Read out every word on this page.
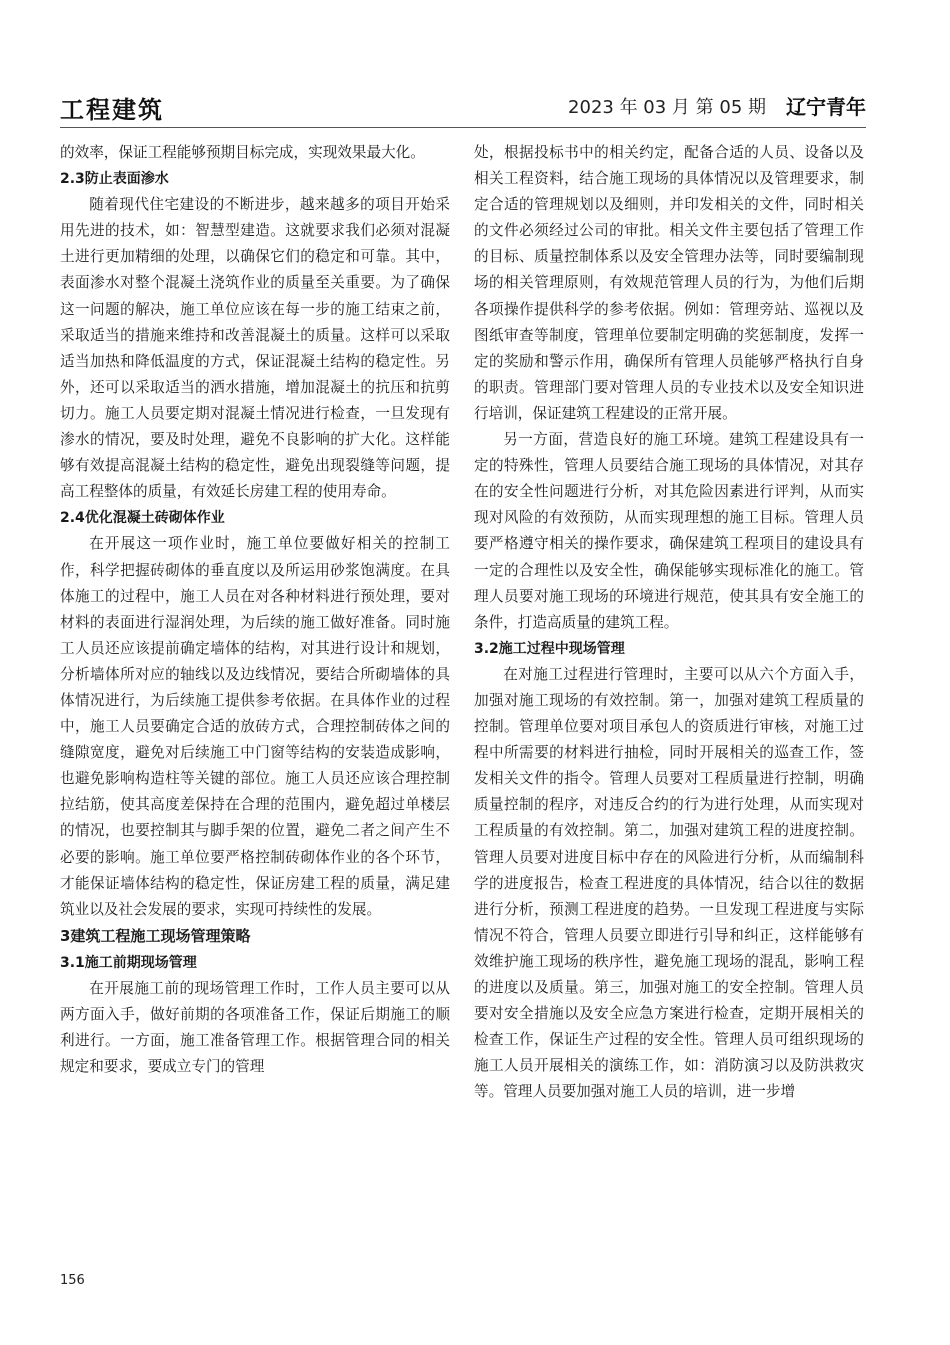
工程建筑	2023 年 03 月 第 05 期 辽宁青年

的效率，保证工程能够预期目标完成，实现效果最大化。

2.3防止表面渗水

随着现代住宅建设的不断进步，越来越多的项目开始采用先进的技术，如：智慧型建造。这就要求我们必须对混凝土进行更加精细的处理，以确保它们的稳定和可靠。其中，表面渗水对整个混凝土浇筑作业的质量至关重要。为了确保这一问题的解决，施工单位应该在每一步的施工结束之前，采取适当的措施来维持和改善混凝土的质量。这样可以采取适当加热和降低温度的方式，保证混凝土结构的稳定性。另外，还可以采取适当的洒水措施，增加混凝土的抗压和抗剪切力。施工人员要定期对混凝土情况进行检查，一旦发现有渗水的情况，要及时处理，避免不良影响的扩大化。这样能够有效提高混凝土结构的稳定性，避免出现裂缝等问题，提高工程整体的质量，有效延长房建工程的使用寿命。

2.4优化混凝土砖砌体作业

在开展这一项作业时，施工单位要做好相关的控制工作，科学把握砖砌体的垂直度以及所运用砂浆饱满度。在具体施工的过程中，施工人员在对各种材料进行预处理，要对材料的表面进行湿润处理，为后续的施工做好准备。同时施工人员还应该提前确定墙体的结构，对其进行设计和规划，分析墙体所对应的轴线以及边线情况，要结合所砌墙体的具体情况进行，为后续施工提供参考依据。在具体作业的过程中，施工人员要确定合适的放砖方式，合理控制砖体之间的缝隙宽度，避免对后续施工中门窗等结构的安装造成影响，也避免影响构造柱等关键的部位。施工人员还应该合理控制拉结筋，使其高度差保持在合理的范围内，避免超过单楼层的情况，也要控制其与脚手架的位置，避免二者之间产生不必要的影响。施工单位要严格控制砖砌体作业的各个环节，才能保证墙体结构的稳定性，保证房建工程的质量，满足建筑业以及社会发展的要求，实现可持续性的发展。

3建筑工程施工现场管理策略
3.1施工前期现场管理

在开展施工前的现场管理工作时，工作人员主要可以从两方面入手，做好前期的各项准备工作，保证后期施工的顺利进行。一方面，施工准备管理工作。根据管理合同的相关规定和要求，要成立专门的管理

处，根据投标书中的相关约定，配备合适的人员、设备以及相关工程资料，结合施工现场的具体情况以及管理要求，制定合适的管理规划以及细则，并印发相关的文件，同时相关的文件必须经过公司的审批。相关文件主要包括了管理工作的目标、质量控制体系以及安全管理办法等，同时要编制现场的相关管理原则，有效规范管理人员的行为，为他们后期各项操作提供科学的参考依据。例如：管理旁站、巡视以及图纸审查等制度，管理单位要制定明确的奖惩制度，发挥一定的奖励和警示作用，确保所有管理人员能够严格执行自身的职责。管理部门要对管理人员的专业技术以及安全知识进行培训，保证建筑工程建设的正常开展。

另一方面，营造良好的施工环境。建筑工程建设具有一定的特殊性，管理人员要结合施工现场的具体情况，对其存在的安全性问题进行分析，对其危险因素进行评判，从而实现对风险的有效预防，从而实现理想的施工目标。管理人员要严格遵守相关的操作要求，确保建筑工程项目的建设具有一定的合理性以及安全性，确保能够实现标准化的施工。管理人员要对施工现场的环境进行规范，使其具有安全施工的条件，打造高质量的建筑工程。

3.2施工过程中现场管理

在对施工过程进行管理时，主要可以从六个方面入手，加强对施工现场的有效控制。第一，加强对建筑工程质量的控制。管理单位要对项目承包人的资质进行审核，对施工过程中所需要的材料进行抽检，同时开展相关的巡查工作，签发相关文件的指令。管理人员要对工程质量进行控制，明确质量控制的程序，对违反合约的行为进行处理，从而实现对工程质量的有效控制。第二，加强对建筑工程的进度控制。管理人员要对进度目标中存在的风险进行分析，从而编制科学的进度报告，检查工程进度的具体情况，结合以往的数据进行分析，预测工程进度的趋势。一旦发现工程进度与实际情况不符合，管理人员要立即进行引导和纠正，这样能够有效维护施工现场的秩序性，避免施工现场的混乱，影响工程的进度以及质量。第三，加强对施工的安全控制。管理人员要对安全措施以及安全应急方案进行检查，定期开展相关的检查工作，保证生产过程的安全性。管理人员可组织现场的施工人员开展相关的演练工作，如：消防演习以及防洪救灾等。管理人员要加强对施工人员的培训，进一步增

156
